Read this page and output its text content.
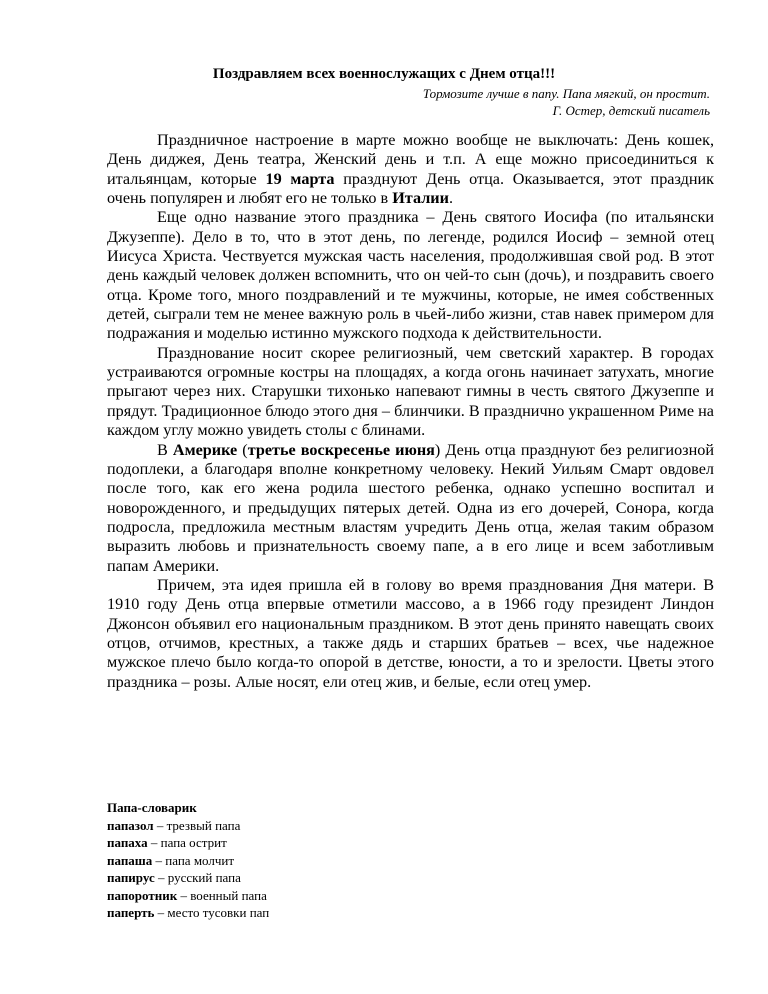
Поздравляем всех военнослужащих с Днем отца!!!
Тормозите лучше в папу. Папа мягкий, он простит.
Г. Остер, детский писатель

Праздничное настроение в марте можно вообще не выключать: День кошек, День диджея, День театра, Женский день и т.п. А еще можно присоединиться к итальянцам, которые 19 марта празднуют День отца. Оказывается, этот праздник очень популярен и любят его не только в Италии.

Еще одно название этого праздника – День святого Иосифа (по итальянски Джузеппе). Дело в то, что в этот день, по легенде, родился Иосиф – земной отец Иисуса Христа. Чествуется мужская часть населения, продолжившая свой род. В этот день каждый человек должен вспомнить, что он чей-то сын (дочь), и поздравить своего отца. Кроме того, много поздравлений и те мужчины, которые, не имея собственных детей, сыграли тем не менее важную роль в чьей-либо жизни, став навек примером для подражания и моделью истинно мужского подхода к действительности.

Празднование носит скорее религиозный, чем светский характер. В городах устраиваются огромные костры на площадях, а когда огонь начинает затухать, многие прыгают через них. Старушки тихонько напевают гимны в честь святого Джузеппе и прядут. Традиционное блюдо этого дня – блинчики. В празднично украшенном Риме на каждом углу можно увидеть столы с блинами.

В Америке (третье воскресенье июня) День отца празднуют без религиозной подоплеки, а благодаря вполне конкретному человеку. Некий Уильям Смарт овдовел после того, как его жена родила шестого ребенка, однако успешно воспитал и новорожденного, и предыдущих пятерых детей. Одна из его дочерей, Сонора, когда подросла, предложила местным властям учредить День отца, желая таким образом выразить любовь и признательность своему папе, а в его лице и всем заботливым папам Америки.

Причем, эта идея пришла ей в голову во время празднования Дня матери. В 1910 году День отца впервые отметили массово, а в 1966 году президент Линдон Джонсон объявил его национальным праздником. В этот день принято навещать своих отцов, отчимов, крестных, а также дядь и старших братьев – всех, чье надежное мужское плечо было когда-то опорой в детстве, юности, а то и зрелости. Цветы этого праздника – розы. Алые носят, ели отец жив, и белые, если отец умер.

Папа-словарик
папазол – трезвый папа
папаха – папа острит
папаша – папа молчит
папирус – русский папа
папоротник – военный папа
паперть – место тусовки пап
